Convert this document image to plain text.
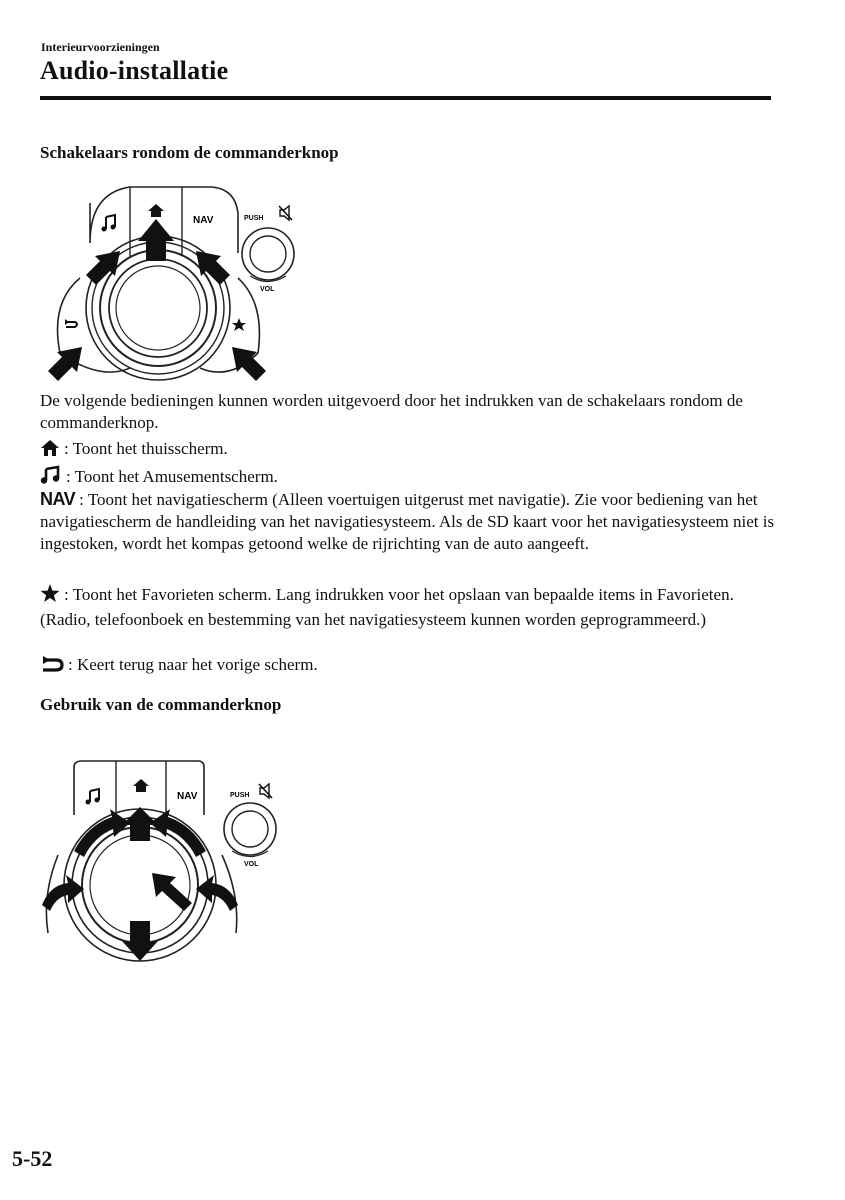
Interieurvoorzieningen
Audio-installatie
Schakelaars rondom de commanderknop
NAV	PUSH
VOL
De volgende bedieningen kunnen worden uitgevoerd door het indrukken van de schakelaars rondom de commanderknop.
: Toont het thuisscherm.
: Toont het Amusementscherm.
NAV : Toont het navigatiescherm (Alleen voertuigen uitgerust met navigatie). Zie voor bediening van het navigatiescherm de handleiding van het navigatiesysteem. Als de SD kaart voor het navigatiesysteem niet is ingestoken, wordt het kompas getoond welke de rijrichting van de auto aangeeft.
: Toont het Favorieten scherm. Lang indrukken voor het opslaan van bepaalde items in Favorieten. (Radio, telefoonboek en bestemming van het navigatiesysteem kunnen worden geprogrammeerd.)
: Keert terug naar het vorige scherm.
Gebruik van de commanderknop
NAV	PUSH
VOL
5-52
